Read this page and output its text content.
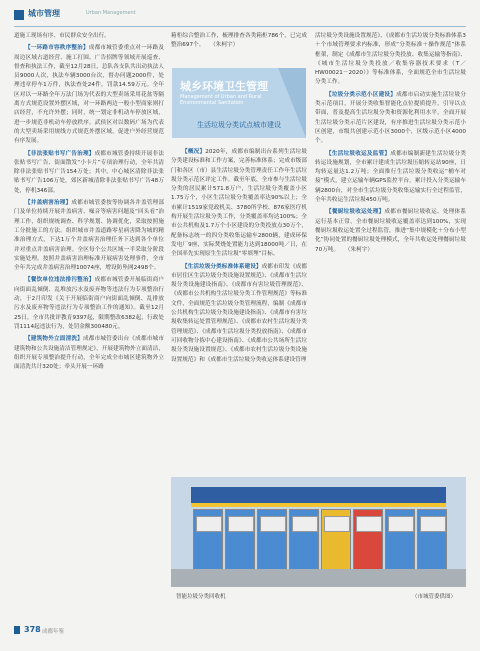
城市管理	Urban Management

道施工现场有序、市民群众安全出行。

【一环路市容秩序整治】成都市城管委重点对一环路及周边区域占道经营、施工打围、广告招牌等领域开展巡查、督查和执法工作，截至12月28日，总队各支队共出动执法人员9000人次，执法车辆3000台次，督办问题2000件，处理违章停车1万件，执法查处24件，罚款14.59万元。全年区对以一环路全年万法门场为代表的大型卖场采用花盆等隔离方式规范设置外摆区域，对一环路两边一般小型商家则打店经营，不允许外摆；同时，统一划定非机动车停放区域，进一步规范非机动车停放秩序。武侯区对以数码广场为代表的大型卖场采用规线方式规范外摆区域，促进户外经营规范有序发展。

【非法张贴书写广告治理】成都市城管委持续开展非法张贴书写广告、街面散发“小卡片”专项治理行动，全年共清除非法张贴书写广告154万处；其中，中心城区清除非法张贴书写广告106万处，郊区新城清除非法张贴书写广告48万处，停机346部。

【井盖病害治理】成都市城管委按等协调各井盖管理部门及单位持续开展井盖病害、噪音等病害问题及“回头看”治理工作，组织规统调查、科学规划、协调优化，采取按照施工分批施工的方法。组织城市井盖道路零星病害降为城的精准治理方式，下达1万个井盖病害治理任务下达到各个单位并对重点井盖病害治理。全区每个公共区域一半采取分阶段实施处理。按照井盖病害治理标准开展病害处理事件，全市全年共完成井盖病害治理10074座，增设防坠网2498个。

【餐饮单位违法排污整治】成都市城管委开展临街商户向街面乱倾倒、乱堆放污水及废弃物等违法行为专项整治行动，于2月印发《关于开展临街商户向街面乱倾倒、乱排放污水及废弃物等违法行为专项整治工作的通知》。截至12月25日，全市共批评教育9397起，限期整改6382起，行政处罚1114起违法行为，处罚金额300480元。

【建筑物外立面清洗】成都市城管委出台《成都市城市建筑物和公共设施清洁管理规定》，开展建筑物外立面清洁，组织开展专项整治提升行动，全年完成全市城区建筑物外立面清洗共计320处；牵头开展一环路

箱柜综合整治工作，梳理排查各类箱柜786个，已完成整治697个。　　（朱柯宇）

城乡环境卫生管理
Management of Urban and Rural Environmental Sanitation
生活垃圾分类试点城市建设

【概况】2020年，成都市编制出台系列生活垃圾分类建设标准和工作方案，完善标准体系；完成市级部门和各区（市）县生活垃圾分类管理责任工作年生活垃圾分类示范区评定工作。截至年底，全市参与生活垃圾分类的居民累计571.8万户，生活垃圾分类覆盖小区1.75万个，小区生活垃圾分类覆盖率达90%以上；全市累计1519家党政机关、3780所学校、876家医疗机构开展生活垃圾分类工作，分类覆盖率均达100%；全市公共机构及1.7万个小区建设的分类投放点30万个，配备标志统一的四分类收集运输车2800辆，建成环保发电厂9座，实际焚烧处置能力达到18000吨／日，在全国率先实现原生生活垃圾“零填埋”目标。

【生活垃圾分类标准体系建设】成都市印发《成都市居住区生活垃圾分类设施设置规范》、《成都市生活垃圾分类设施建设指南》、《成都市有害垃圾管理规范》、《成都市公共机构生活垃圾分类工作管理规范》等标准文件，全面规范生活垃圾分类管理流程，编制《成都市公共机构生活垃圾分类设施建设指南》、《成都市有害垃圾收集转运处置管理规范》、《成都市农村生活垃圾分类管理规范》、《成都市生活垃圾分类投放指南》、《成都市可回收物分拣中心建设指南》、《成都市公共场所生活垃圾分类设施设置规范》、《成都市农村生活垃圾分类设施设置规范》和《成都市生活垃圾分类收运体系建设管理

活垃圾分类设施设置规范》、《成都市生活垃圾分类标准体系3＋个市域管理要求内标准，形成“分类标准＋操作规范”体系框架，制定《成都市生活垃圾分类投放、收集运输等指南》、《城市生活垃圾分类投放／收集容器技术要求（T／HW00021－2020）》等标准体系，全面规范全市生活垃圾分类工作。

【垃圾分类示范小区建设】成都市启动实施生活垃圾分类示范项目，开展分类收集智能化点位提质提升，引导以点带面，普及提高生活垃圾分类和资源化利用水平，全面开展生活垃圾分类示范片区建设，有序推进生活垃圾分类示范小区创建，市级共创建示范小区3000个，区级示范小区4000个。

【生活垃圾收运及监管】成都市编制新建生活垃圾分类转运设施规划，全市累计建成生活垃圾压缩转运站90座，日均转运量达1.2万吨；全面推行生活垃圾分类收运“桶车对接”模式，建立运输车辆GPS监控平台，累计投入分类运输车辆2800台，对全市生活垃圾分类收集运输实行全过程监管，全年共收运生活垃圾450万吨。

【餐厨垃圾收运处理】成都市餐厨垃圾收运、处理体系运行基本正常，全市餐厨垃圾收运覆盖率达到100%，实现餐厨垃圾收运处置全过程监管，推进“集中规模化＋分布小型化”协同处置的餐厨垃圾处理模式，全年共收运处理餐厨垃圾70万吨。　　（朱柯宇）

智能垃圾分类回收机	（市城管委供图）
378 成都年鉴
